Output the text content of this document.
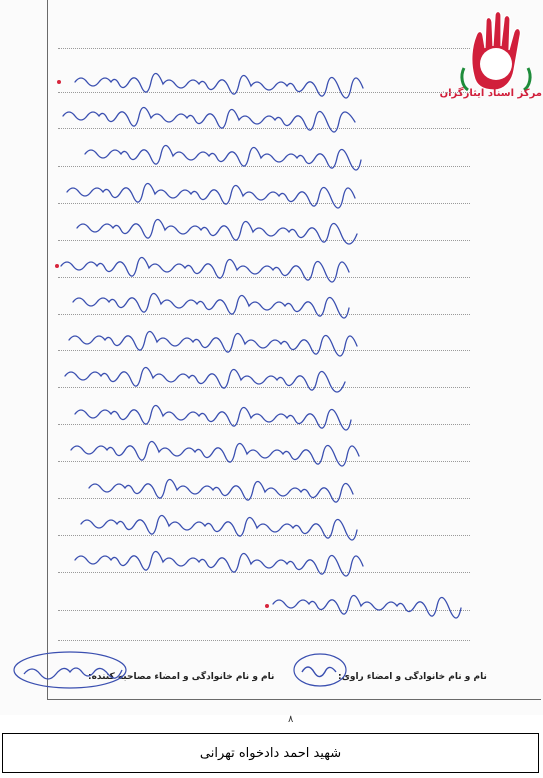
مرکز اسناد ایثارگران
نام و نام خانوادگی و امضاء راوی:
نام و نام خانوادگی و امضاء مصاحبه کننده:
۸
شهید احمد دادخواه تهرانی
